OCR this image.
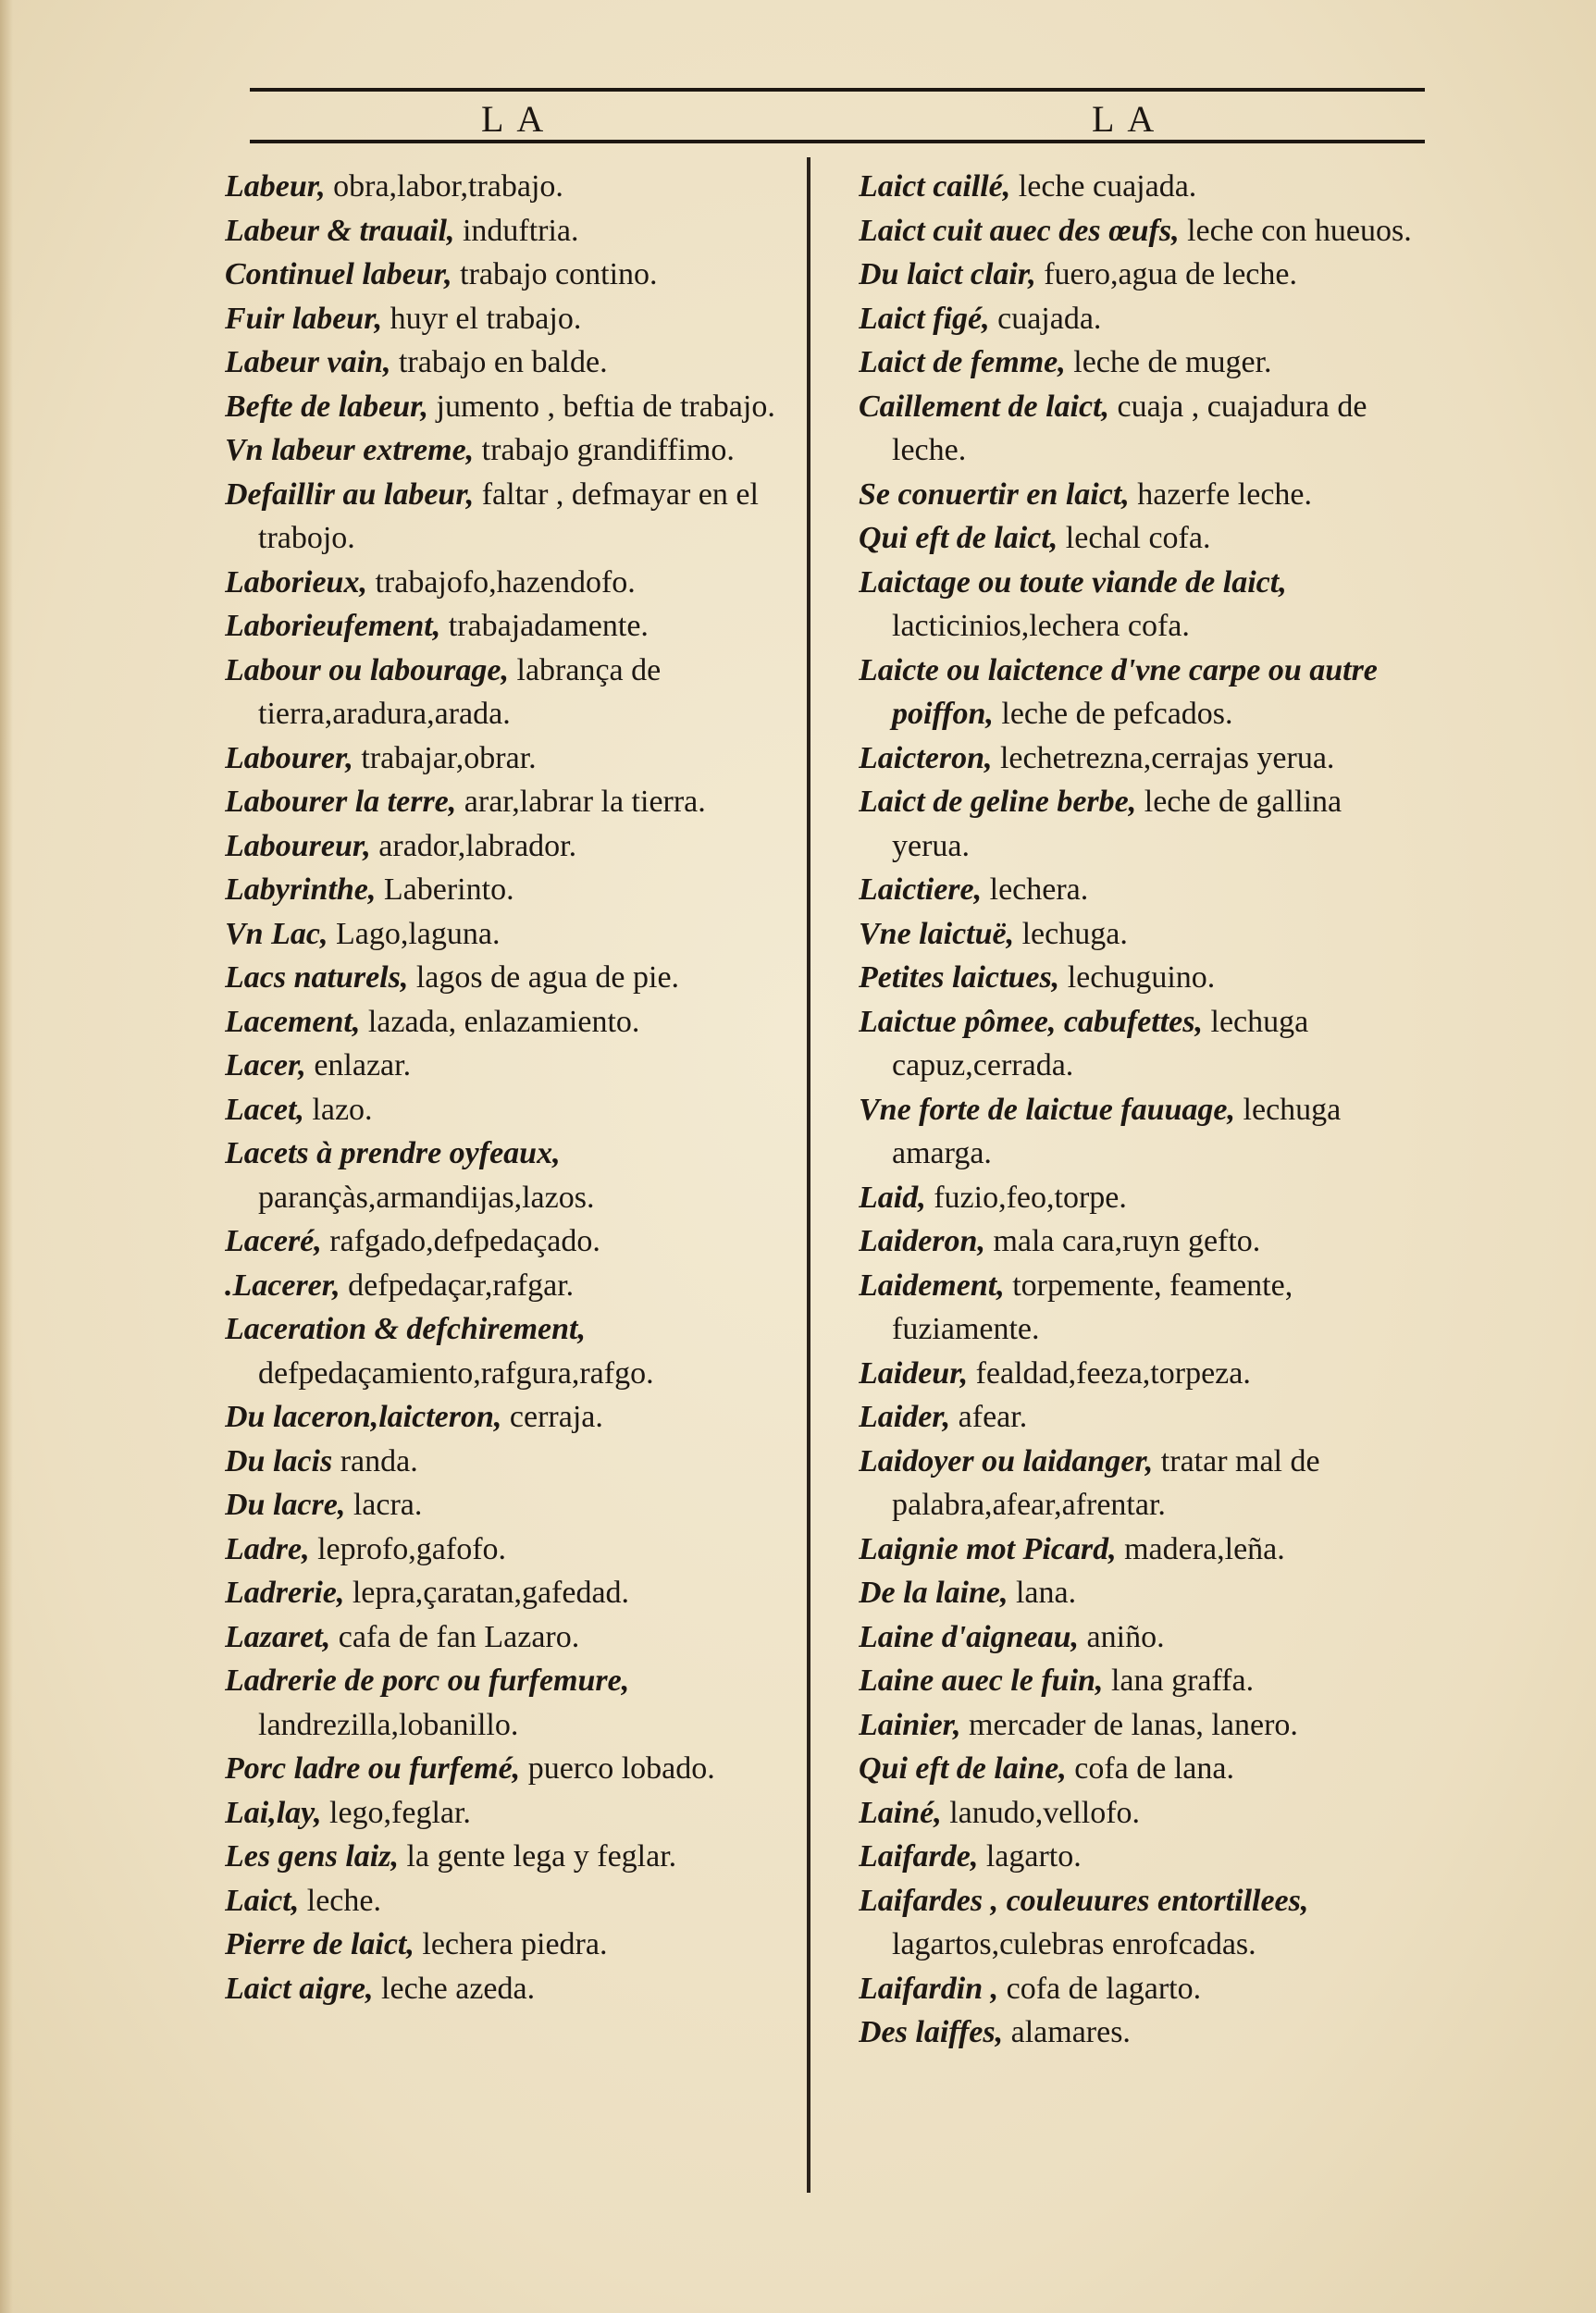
LA	LA
Labeur, obra,labor,trabajo.
Labeur & trauail, induftria.
Continuel labeur, trabajo contino.
Fuir labeur, huyr el trabajo.
Labeur vain, trabajo en balde.
Befte de labeur, jumento , beftia de trabajo.
Vn labeur extreme, trabajo grandiffimo.
Defaillir au labeur, faltar , defmayar en el trabojo.
Laborieux, trabajofo,hazendofo.
Laborieufement, trabajadamente.
Labour ou labourage, labrança de tierra,aradura,arada.
Labourer, trabajar,obrar.
Labourer la terre, arar,labrar la tierra.
Laboureur, arador,labrador.
Labyrinthe, Laberinto.
Vn Lac, Lago,laguna.
Lacs naturels, lagos de agua de pie.
Lacement, lazada, enlazamiento.
Lacer, enlazar.
Lacet, lazo.
Lacets à prendre oyfeaux, parançàs,armandijas,lazos.
Laceré, rafgado,defpedaçado.
.Lacerer, defpedaçar,rafgar.
Laceration & defchirement, defpedaçamiento,rafgura,rafgo.
Du laceron,laicteron, cerraja.
Du lacis randa.
Du lacre, lacra.
Ladre, leprofo,gafofo.
Ladrerie, lepra,çaratan,gafedad.
Lazaret, cafa de fan Lazaro.
Ladrerie de porc ou furfemure, landrezilla,lobanillo.
Porc ladre ou furfemé, puerco lobado.
Lai,lay, lego,feglar.
Les gens laiz, la gente lega y feglar.
Laict, leche.
Pierre de laict, lechera piedra.
Laict aigre, leche azeda.
Laict caillé, leche cuajada.
Laict cuit auec des œufs, leche con hueuos.
Du laict clair, fuero,agua de leche.
Laict figé, cuajada.
Laict de femme, leche de muger.
Caillement de laict, cuaja , cuajadura de leche.
Se conuertir en laict, hazerfe leche.
Qui eft de laict, lechal cofa.
Laictage ou toute viande de laict, lacticinios,lechera cofa.
Laicte ou laictence d'vne carpe ou autre poiffon, leche de pefcados.
Laicteron, lechetrezna,cerrajas yerua.
Laict de geline berbe, leche de gallina yerua.
Laictiere, lechera.
Vne laictuë, lechuga.
Petites laictues, lechuguino.
Laictue pômee, cabufettes, lechuga capuz,cerrada.
Vne forte de laictue fauuage, lechuga amarga.
Laid, fuzio,feo,torpe.
Laideron, mala cara,ruyn gefto.
Laidement, torpemente, feamente, fuziamente.
Laideur, fealdad,feeza,torpeza.
Laider, afear.
Laidoyer ou laidanger, tratar mal de palabra,afear,afrentar.
Laignie mot Picard, madera,leña.
De la laine, lana.
Laine d'aigneau, aniño.
Laine auec le fuin, lana graffa.
Lainier, mercader de lanas, lanero.
Qui eft de laine, cofa de lana.
Lainé, lanudo,vellofo.
Laifarde, lagarto.
Laifardes , couleuures entortillees, lagartos,culebras enrofcadas.
Laifardin , cofa de lagarto.
Des laiffes, alamares.
